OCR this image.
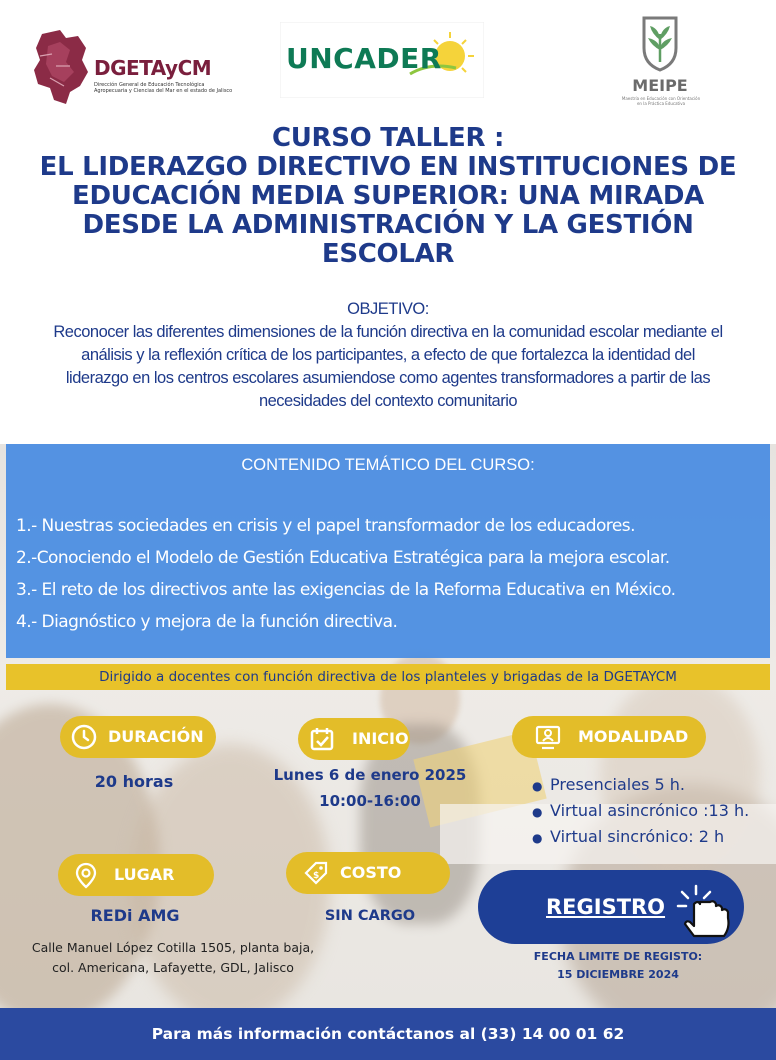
DGETAyCM
Dirección General de Educación Tecnológica Agropecuaria y Ciencias del Mar en el estado de Jalisco
UNCADER
MEIPE
Maestría en Educación con Orientación en la Práctica Educativa
CURSO TALLER :
EL LIDERAZGO DIRECTIVO EN INSTITUCIONES DE
EDUCACIÓN MEDIA SUPERIOR: UNA MIRADA
DESDE LA ADMINISTRACIÓN Y LA GESTIÓN
ESCOLAR
OBJETIVO:
Reconocer las diferentes dimensiones de la función directiva en la comunidad escolar mediante el
análisis y la reflexión crítica de los participantes, a efecto de que fortalezca la identidad del
liderazgo en los centros escolares asumiendose como agentes transformadores a partir de las
necesidades del contexto comunitario
CONTENIDO TEMÁTICO DEL CURSO:
1.- Nuestras sociedades en crisis y el papel transformador de los educadores.
2.-Conociendo el Modelo de Gestión Educativa Estratégica para la mejora escolar.
3.- El reto de los directivos ante las exigencias de la Reforma Educativa en México.
4.- Diagnóstico y mejora de la función directiva.
Dirigido a docentes con función directiva de los planteles y brigadas de la DGETAYCM
DURACIÓN
20 horas
INICIO
Lunes 6 de enero 2025
10:00-16:00
MODALIDAD
● Presenciales 5 h.
● Virtual asincrónico :13 h.
● Virtual sincrónico: 2 h
LUGAR
REDi AMG
Calle Manuel López Cotilla 1505, planta baja,
col. Americana, Lafayette, GDL, Jalisco
$ COSTO
SIN CARGO	REGISTRO
FECHA LIMITE DE REGISTO:
15 DICIEMBRE 2024
Para más información contáctanos al (33) 14 00 01 62
